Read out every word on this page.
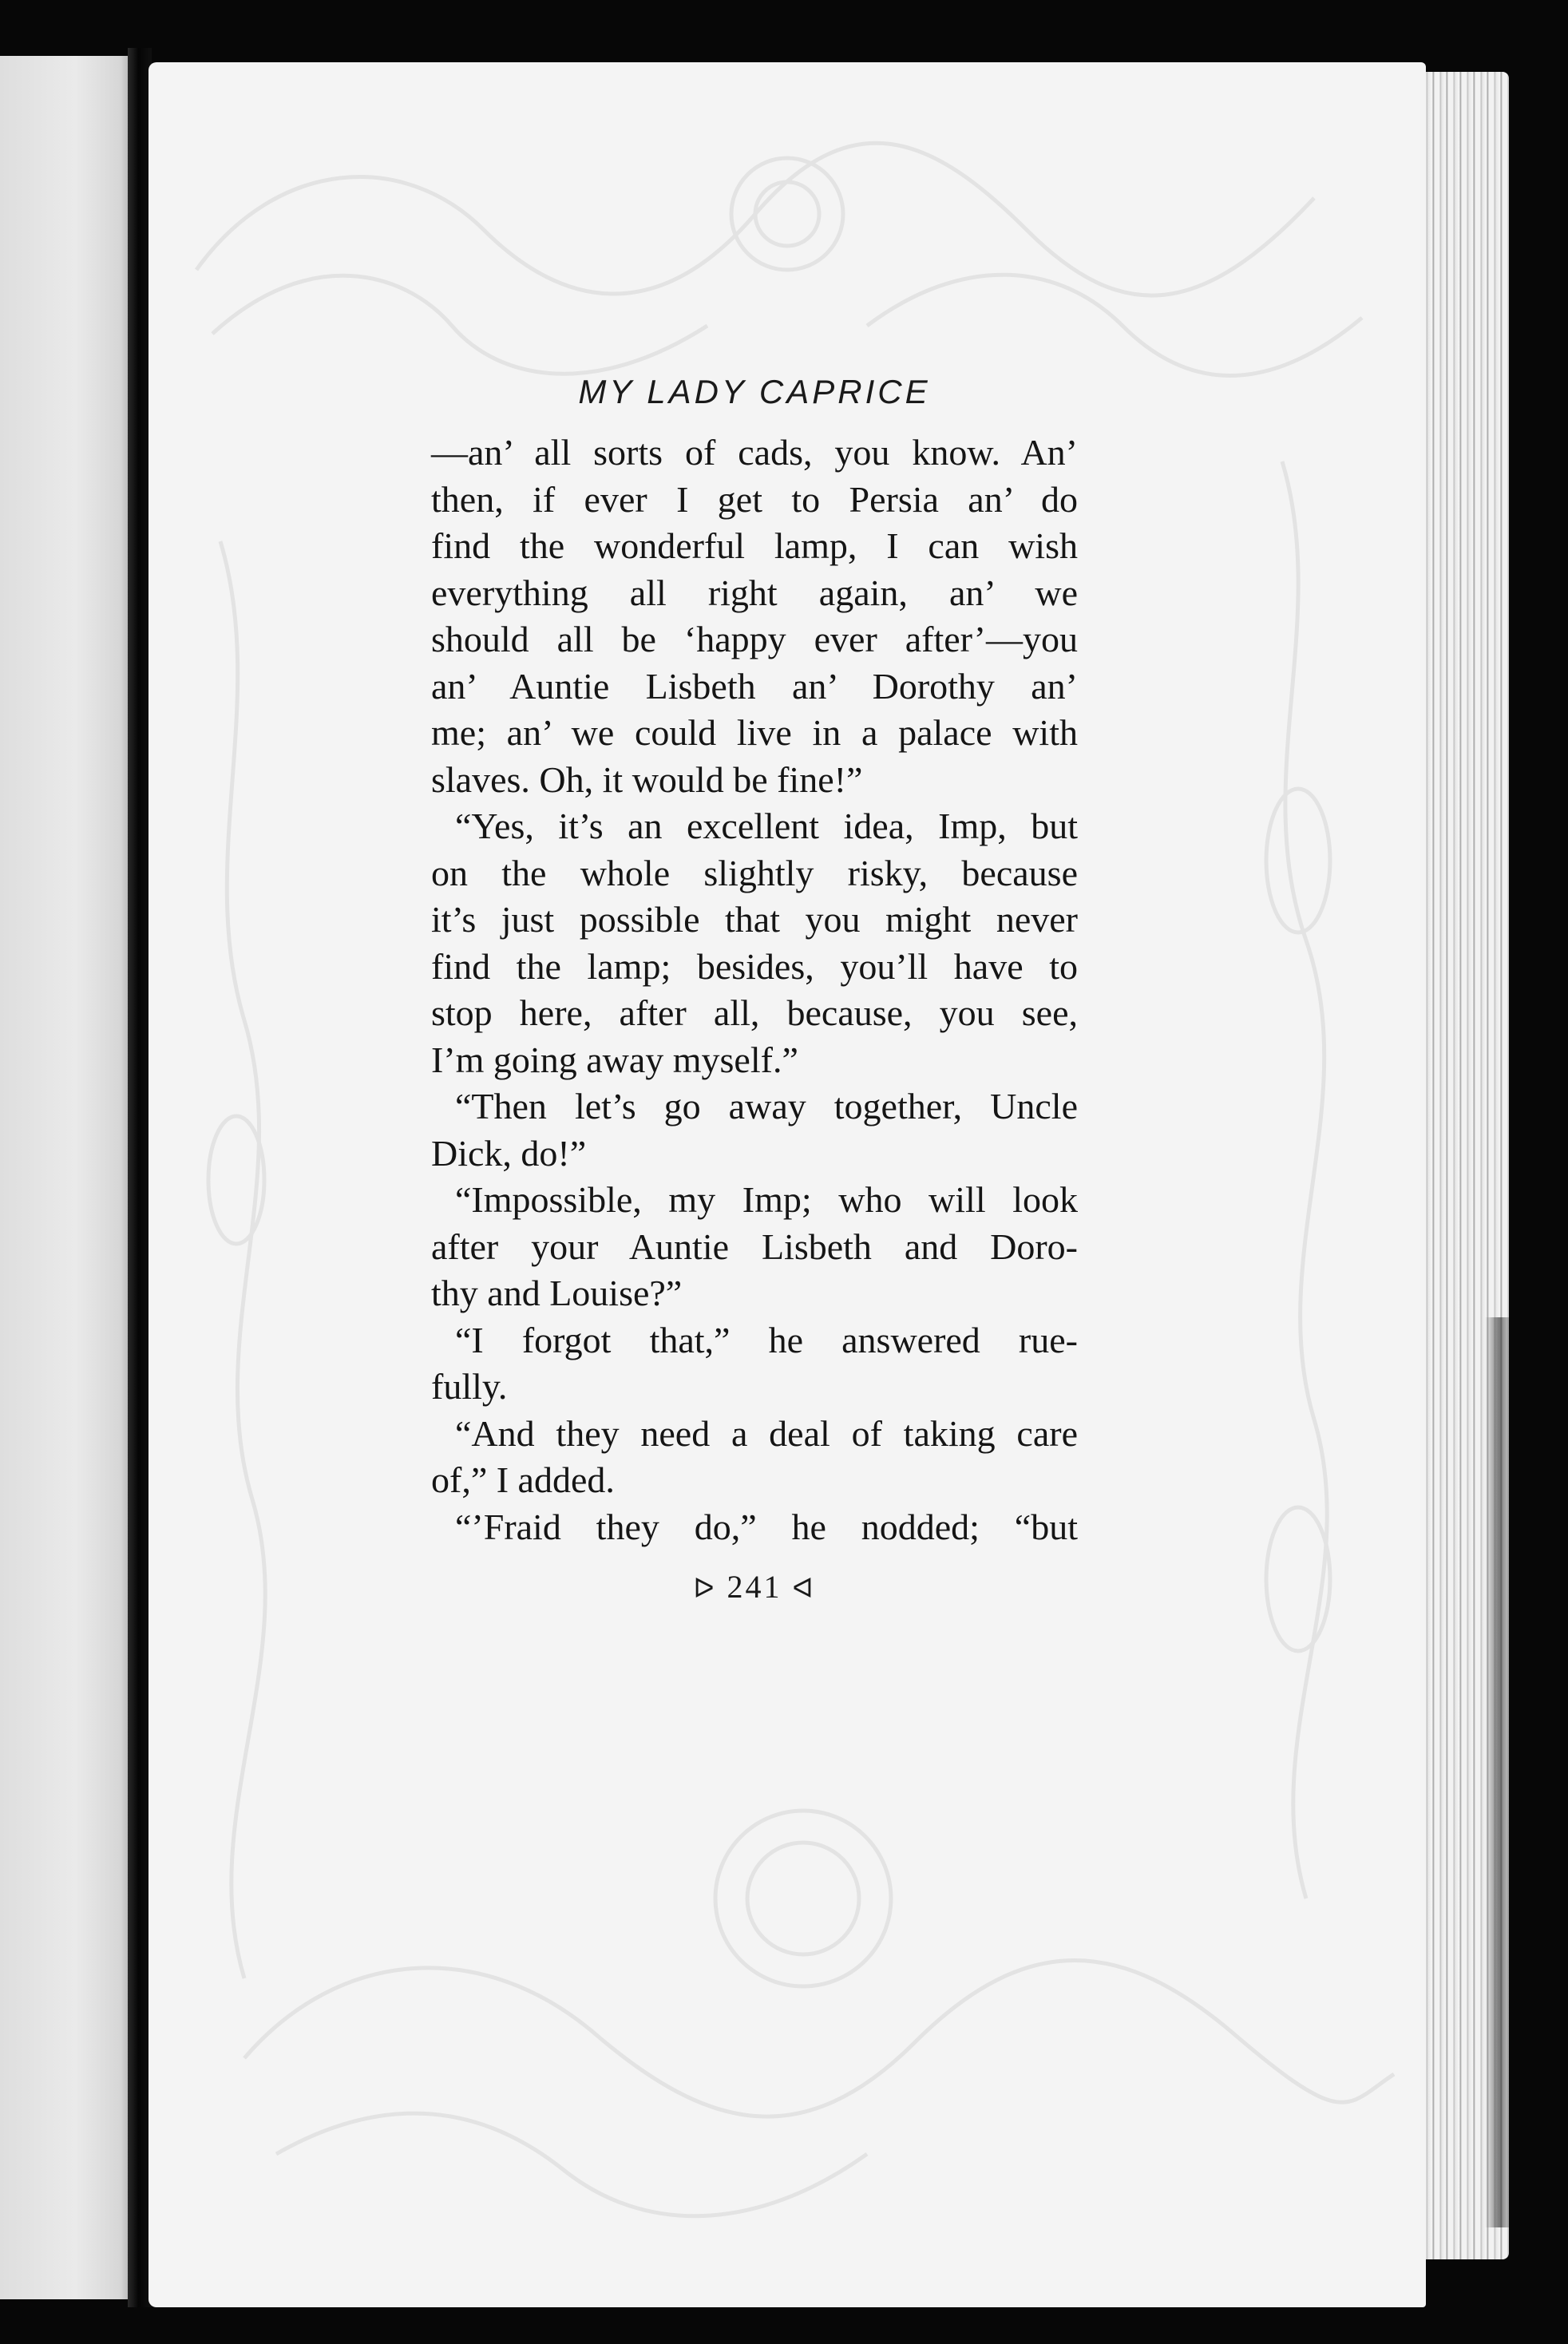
MY LADY CAPRICE
—an’ all sorts of cads, you know. An’
then, if ever I get to Persia an’ do
find the wonderful lamp, I can wish
everything all right again, an’ we
should all be ‘happy ever after’—you
an’ Auntie Lisbeth an’ Dorothy an’
me; an’ we could live in a palace with
slaves. Oh, it would be fine!”
“Yes, it’s an excellent idea, Imp, but
on the whole slightly risky, because
it’s just possible that you might never
find the lamp; besides, you’ll have to
stop here, after all, because, you see,
I’m going away myself.”
“Then let’s go away together, Uncle
Dick, do!”
“Impossible, my Imp; who will look
after your Auntie Lisbeth and Doro-
thy and Louise?”
“I forgot that,” he answered rue-
fully.
“And they need a deal of taking care
of,” I added.
“’Fraid they do,” he nodded; “but
ᐅ 241 ᐊ
